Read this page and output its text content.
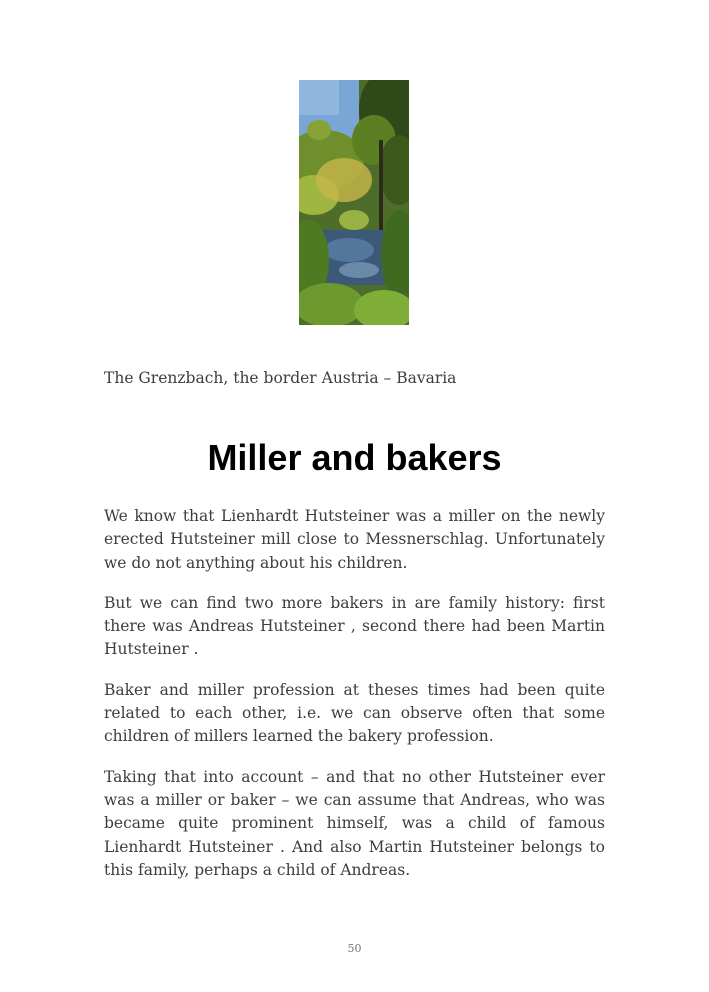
The Grenzbach, the border Austria – Bavaria
Miller and bakers

We know that Lienhardt Hutsteiner was a miller on the newly erected Hutsteiner mill close to Messnerschlag. Unfortunately we do not anything about his children.

But we can find two more bakers in are family history: first there was Andreas Hutsteiner , second there had been Martin Hutsteiner .

Baker and miller profession at theses times had been quite related to each other, i.e. we can observe often that some children of millers learned the bakery profession.

Taking that into account – and that no other Hutsteiner ever was a miller or baker – we can assume that Andreas, who was became quite prominent himself, was a child of famous Lienhardt Hutsteiner . And also Martin Hutsteiner belongs to this family, perhaps a child of Andreas.

50
